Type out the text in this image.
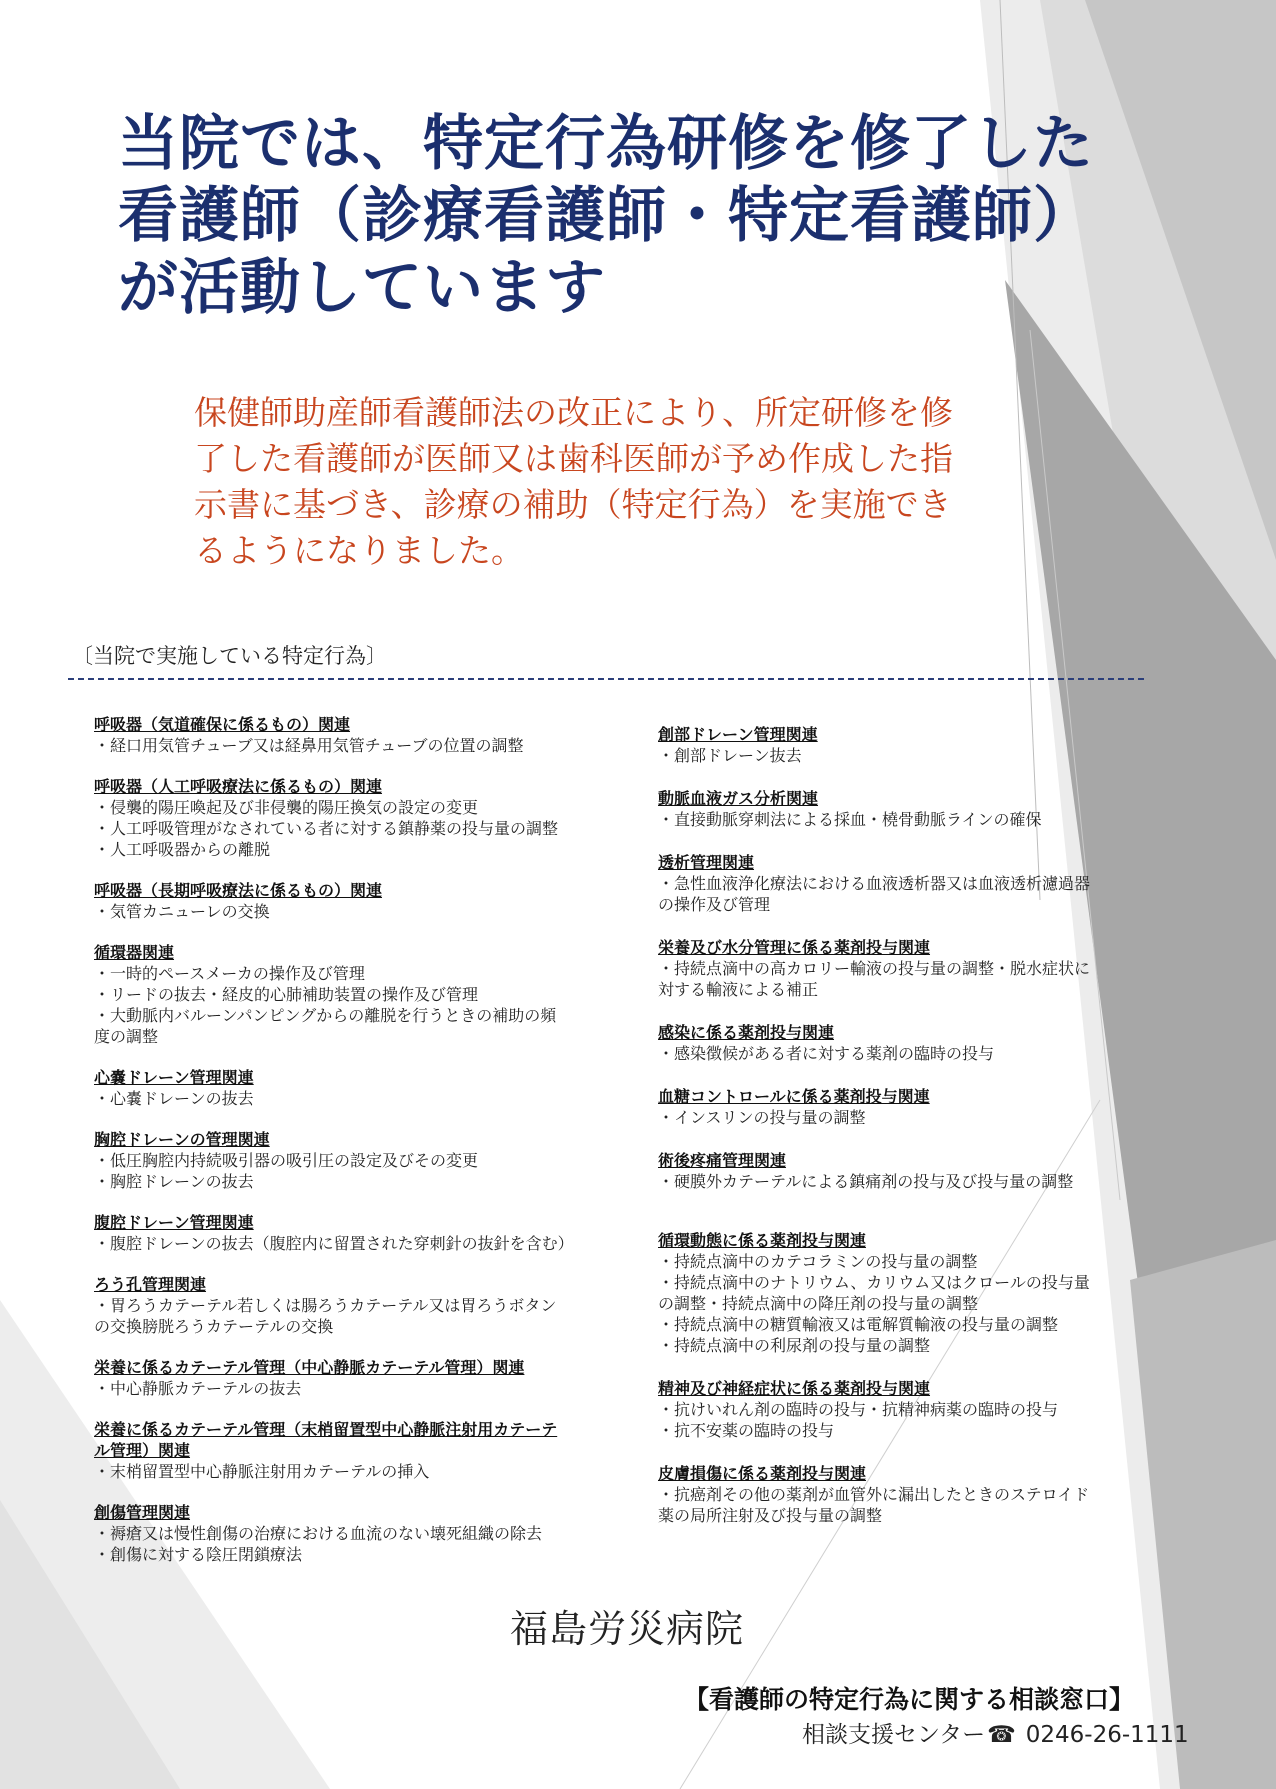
当院では、特定行為研修を修了した
看護師（診療看護師・特定看護師）
が活動しています
保健師助産師看護師法の改正により、所定研修を修
了した看護師が医師又は歯科医師が予め作成した指
示書に基づき、診療の補助（特定行為）を実施でき
るようになりました。
〔当院で実施している特定行為〕
呼吸器（気道確保に係るもの）関連

・経口用気管チューブ又は経鼻用気管チューブの位置の調整

呼吸器（人工呼吸療法に係るもの）関連

・侵襲的陽圧喚起及び非侵襲的陽圧換気の設定の変更

・人工呼吸管理がなされている者に対する鎮静薬の投与量の調整

・人工呼吸器からの離脱

呼吸器（長期呼吸療法に係るもの）関連

・気管カニューレの交換

循環器関連

・一時的ペースメーカの操作及び管理

・リードの抜去・経皮的心肺補助装置の操作及び管理

・大動脈内バルーンパンピングからの離脱を行うときの補助の頻

度の調整

心嚢ドレーン管理関連

・心嚢ドレーンの抜去

胸腔ドレーンの管理関連

・低圧胸腔内持続吸引器の吸引圧の設定及びその変更

・胸腔ドレーンの抜去

腹腔ドレーン管理関連

・腹腔ドレーンの抜去（腹腔内に留置された穿刺針の抜針を含む）

ろう孔管理関連

・胃ろうカテーテル若しくは腸ろうカテーテル又は胃ろうボタン

の交換膀胱ろうカテーテルの交換

栄養に係るカテーテル管理（中心静脈カテーテル管理）関連

・中心静脈カテーテルの抜去

栄養に係るカテーテル管理（末梢留置型中心静脈注射用カテーテ
ル管理）関連

・末梢留置型中心静脈注射用カテーテルの挿入

創傷管理関連

・褥瘡又は慢性創傷の治療における血流のない壊死組織の除去

・創傷に対する陰圧閉鎖療法

創部ドレーン管理関連

・創部ドレーン抜去

動脈血液ガス分析関連

・直接動脈穿刺法による採血・橈骨動脈ラインの確保

透析管理関連

・急性血液浄化療法における血液透析器又は血液透析濾過器

の操作及び管理

栄養及び水分管理に係る薬剤投与関連

・持続点滴中の高カロリー輸液の投与量の調整・脱水症状に

対する輸液による補正

感染に係る薬剤投与関連

・感染徴候がある者に対する薬剤の臨時の投与

血糖コントロールに係る薬剤投与関連

・インスリンの投与量の調整

術後疼痛管理関連

・硬膜外カテーテルによる鎮痛剤の投与及び投与量の調整

循環動態に係る薬剤投与関連

・持続点滴中のカテコラミンの投与量の調整

・持続点滴中のナトリウム、カリウム又はクロールの投与量

の調整・持続点滴中の降圧剤の投与量の調整

・持続点滴中の糖質輸液又は電解質輸液の投与量の調整

・持続点滴中の利尿剤の投与量の調整

精神及び神経症状に係る薬剤投与関連

・抗けいれん剤の臨時の投与・抗精神病薬の臨時の投与

・抗不安薬の臨時の投与

皮膚損傷に係る薬剤投与関連

・抗癌剤その他の薬剤が血管外に漏出したときのステロイド

薬の局所注射及び投与量の調整

福島労災病院
【看護師の特定行為に関する相談窓口】
相談支援センター☎ 0246-26-1111
